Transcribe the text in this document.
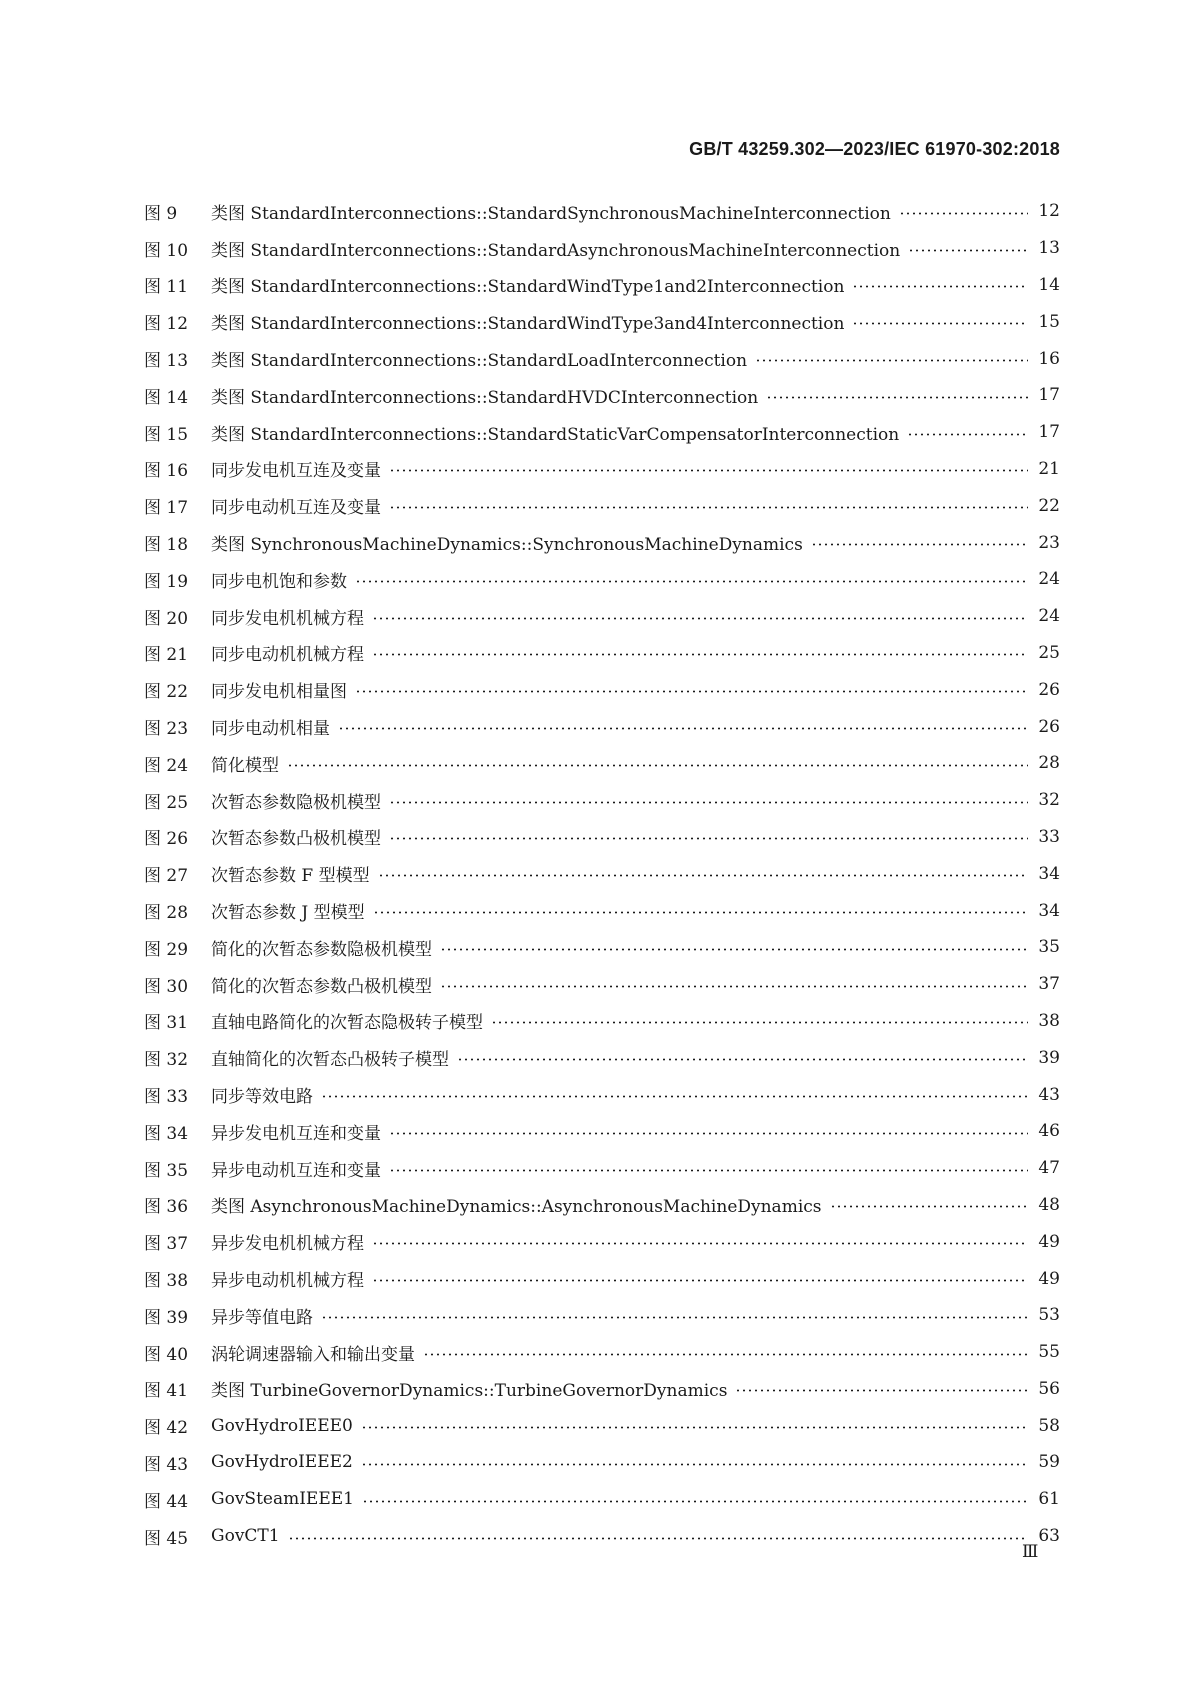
GB/T 43259.302—2023/IEC 61970-302:2018
图 9	类图 StandardInterconnections::StandardSynchronousMachineInterconnection	12
图 10	类图 StandardInterconnections::StandardAsynchronousMachineInterconnection	13
图 11	类图 StandardInterconnections::StandardWindType1and2Interconnection	14
图 12	类图 StandardInterconnections::StandardWindType3and4Interconnection	15
图 13	类图 StandardInterconnections::StandardLoadInterconnection	16
图 14	类图 StandardInterconnections::StandardHVDCInterconnection	17
图 15	类图 StandardInterconnections::StandardStaticVarCompensatorInterconnection	17
图 16	同步发电机互连及变量	21
图 17	同步电动机互连及变量	22
图 18	类图 SynchronousMachineDynamics::SynchronousMachineDynamics	23
图 19	同步电机饱和参数	24
图 20	同步发电机机械方程	24
图 21	同步电动机机械方程	25
图 22	同步发电机相量图	26
图 23	同步电动机相量	26
图 24	简化模型	28
图 25	次暂态参数隐极机模型	32
图 26	次暂态参数凸极机模型	33
图 27	次暂态参数 F 型模型	34
图 28	次暂态参数 J 型模型	34
图 29	简化的次暂态参数隐极机模型	35
图 30	简化的次暂态参数凸极机模型	37
图 31	直轴电路简化的次暂态隐极转子模型	38
图 32	直轴简化的次暂态凸极转子模型	39
图 33	同步等效电路	43
图 34	异步发电机互连和变量	46
图 35	异步电动机互连和变量	47
图 36	类图 AsynchronousMachineDynamics::AsynchronousMachineDynamics	48
图 37	异步发电机机械方程	49
图 38	异步电动机机械方程	49
图 39	异步等值电路	53
图 40	涡轮调速器输入和输出变量	55
图 41	类图 TurbineGovernorDynamics::TurbineGovernorDynamics	56
图 42	GovHydroIEEE0	58
图 43	GovHydroIEEE2	59
图 44	GovSteamIEEE1	61
图 45	GovCT1	63
Ⅲ
